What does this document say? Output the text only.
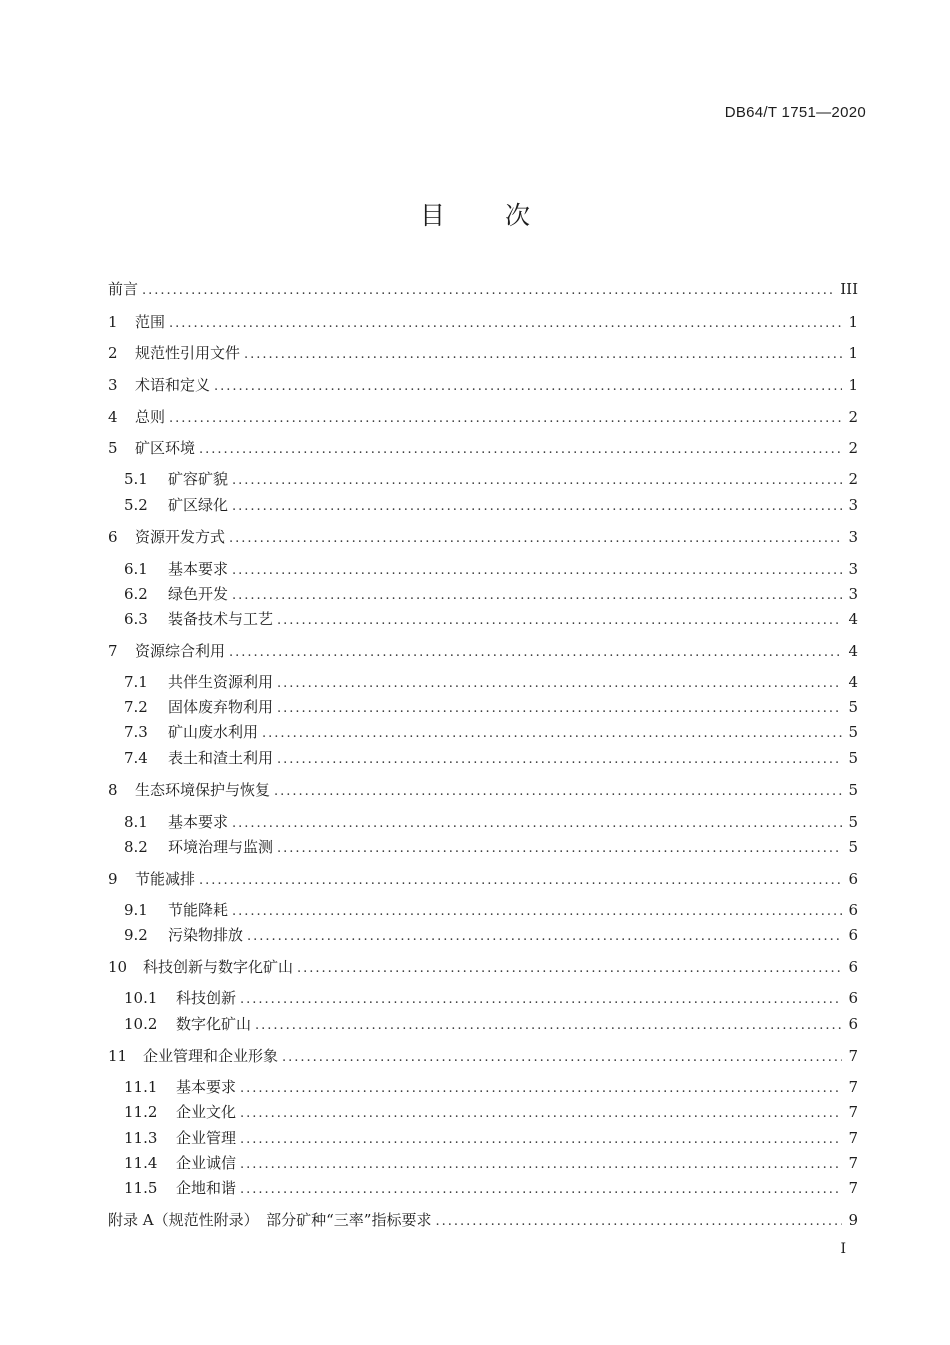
DB64/T 1751—2020
目 次
前言 .....	III
1	范围 .....	1
2	规范性引用文件 .....	1
3	术语和定义 .....	1
4	总则 .....	2
5	矿区环境 .....	2
5.1	矿容矿貌 .....	2
5.2	矿区绿化 .....	3
6	资源开发方式 .....	3
6.1	基本要求 .....	3
6.2	绿色开发 .....	3
6.3	装备技术与工艺 .....	4
7	资源综合利用 .....	4
7.1	共伴生资源利用 .....	4
7.2	固体废弃物利用 .....	5
7.3	矿山废水利用 .....	5
7.4	表土和渣土利用 .....	5
8	生态环境保护与恢复 .....	5
8.1	基本要求 .....	5
8.2	环境治理与监测 .....	5
9	节能减排 .....	6
9.1	节能降耗 .....	6
9.2	污染物排放 .....	6
10	科技创新与数字化矿山 .....	6
10.1	科技创新 .....	6
10.2	数字化矿山 .....	6
11	企业管理和企业形象 .....	7
11.1	基本要求 .....	7
11.2	企业文化 .....	7
11.3	企业管理 .....	7
11.4	企业诚信 .....	7
11.5	企地和谐 .....	7
附录 A（规范性附录）　部分矿种“三率”指标要求 .....	9
I
